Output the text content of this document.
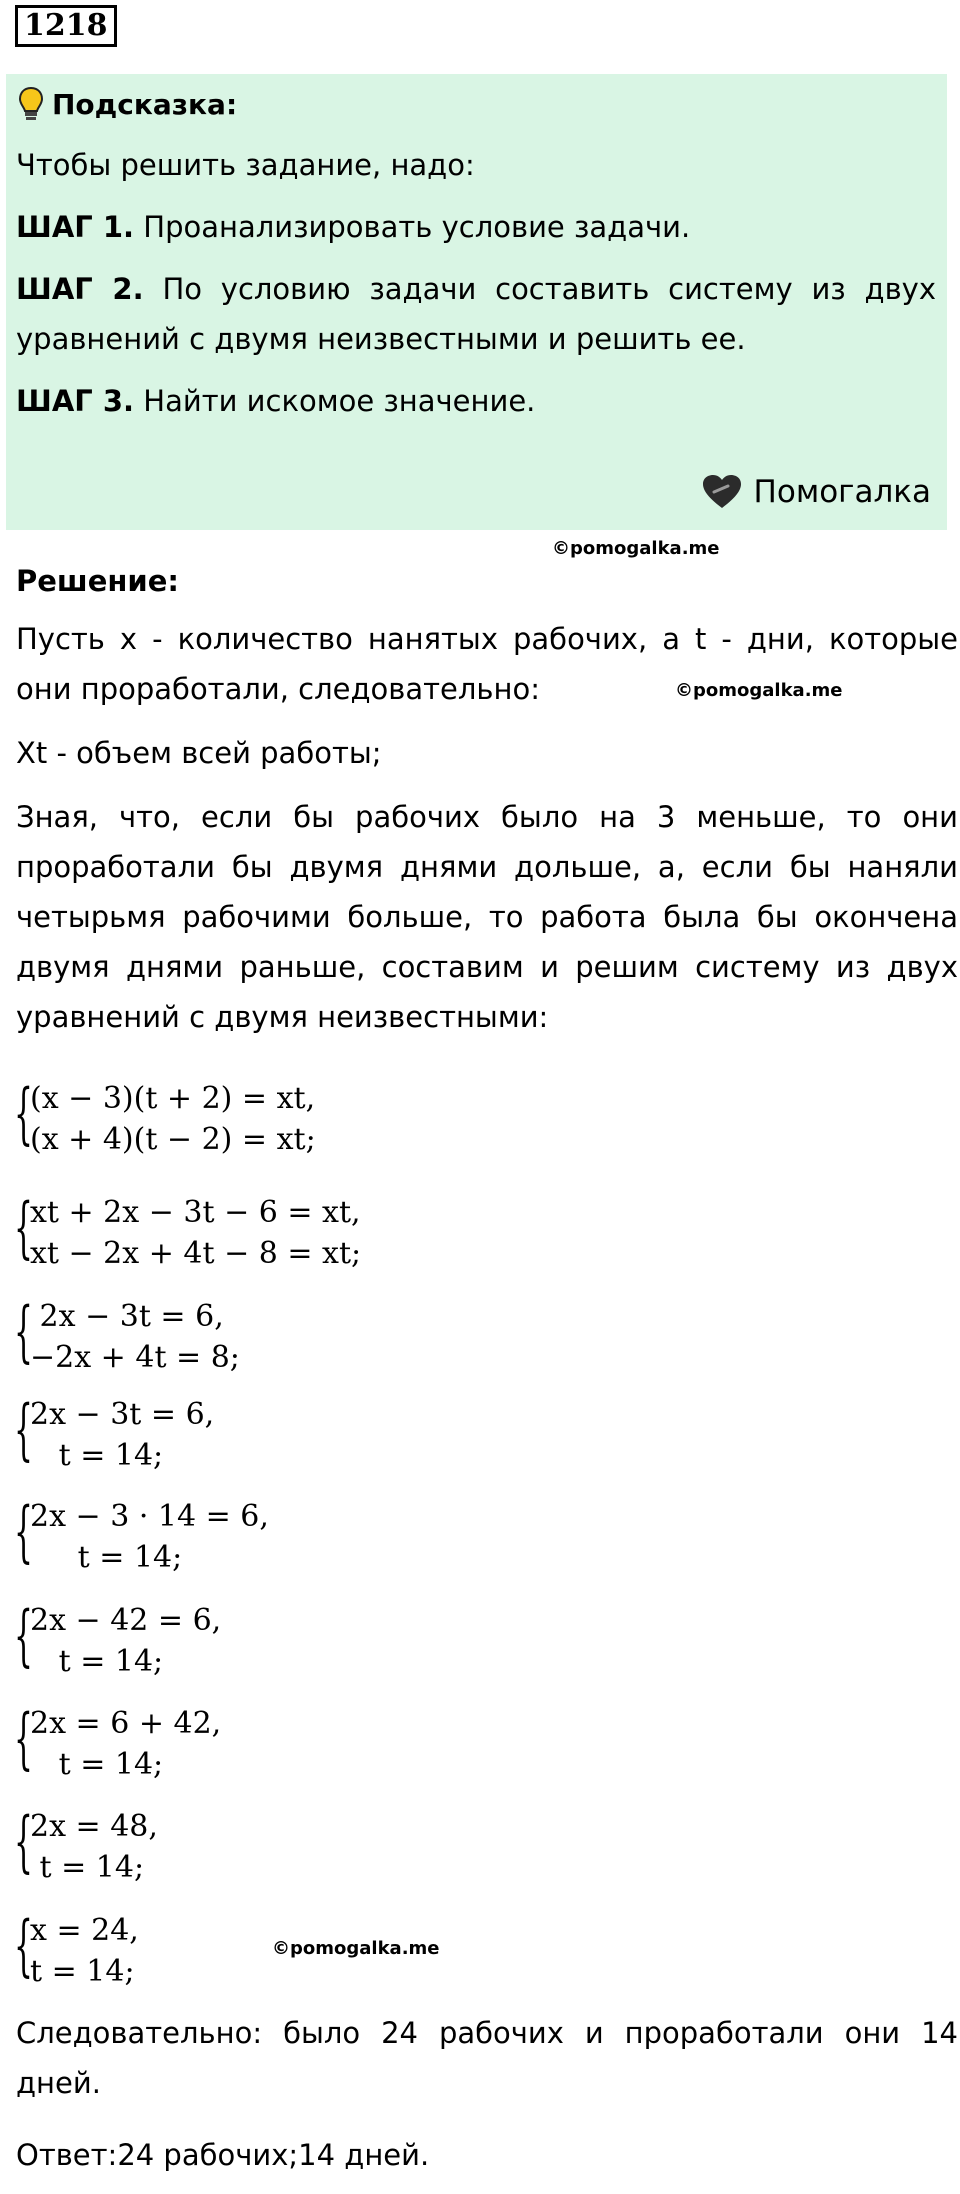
1218
Подсказка:

Чтобы решить задание, надо:

ШАГ 1. Проанализировать условие задачи.

ШАГ 2. По условию задачи составить систему из двух уравнений с двумя неизвестными и решить ее.

ШАГ 3. Найти искомое значение.

Помогалка
©pomogalka.me

Решение:

Пусть x - количество нанятых рабочих, а t - дни, которые они проработали, следовательно:

Xt - объем всей работы;

Зная, что, если бы рабочих было на 3 меньше, то они проработали бы двумя днями дольше, а, если бы наняли четырьмя рабочими больше, то работа была бы окончена двумя днями раньше, составим и решим систему из двух уравнений с двумя неизвестными:

©pomogalka.me
{
(x − 3)(t + 2) = xt,
(x + 4)(t − 2) = xt;
{
xt + 2x − 3t − 6 = xt,
xt − 2x + 4t − 8 = xt;
{
2x − 3t = 6,
−2x + 4t = 8;
{
2x − 3t = 6,
t = 14;
{
2x − 3 · 14 = 6,
t = 14;
{
2x − 42 = 6,
t = 14;
{
2x = 6 + 42,
t = 14;
{
2x = 48,
t = 14;
{
x = 24,
t = 14;
©pomogalka.me

Следовательно: было 24 рабочих и проработали они 14 дней.

Ответ:24 рабочих;14 дней.
